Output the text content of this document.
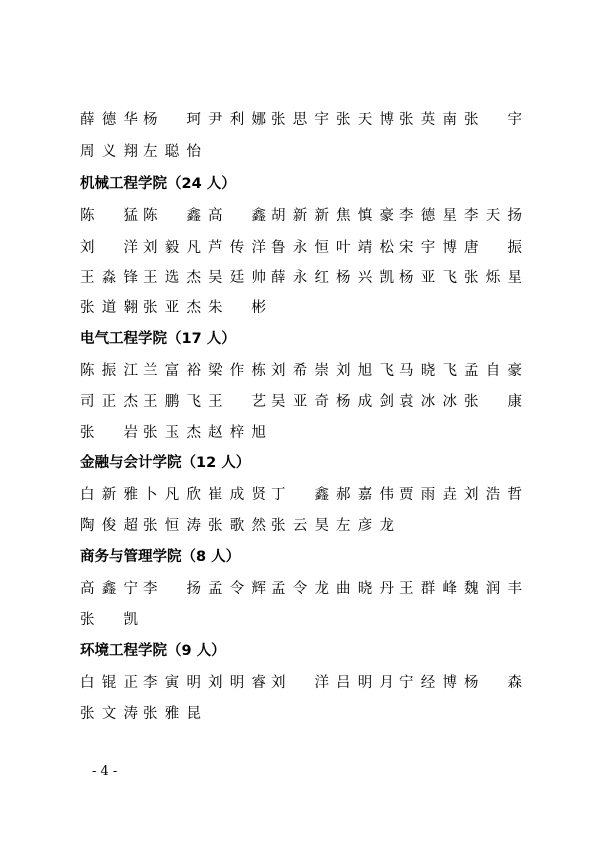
薛 德 华 杨 珂 尹 利 娜 张 思 宇 张 天 博 张 英 南 张 宇
周 义 翔 左 聪 怡
机械工程学院（24 人）
陈 猛 陈 鑫 高 鑫 胡 新 新 焦 慎 豪 李 德 星 李 天 扬
刘 洋 刘 毅 凡 芦 传 洋 鲁 永 恒 叶 靖 松 宋 宇 博 唐 振
王 淼 锋 王 选 杰 吴 廷 帅 薛 永 红 杨 兴 凯 杨 亚 飞 张 烁 星
张 道 翱 张 亚 杰 朱 彬
电气工程学院（17 人）
陈 振 江 兰 富 裕 梁 作 栋 刘 希 崇 刘 旭 飞 马 晓 飞 孟 自 豪
司 正 杰 王 鹏 飞 王 艺 吴 亚 奇 杨 成 剑 袁 冰 冰 张 康
张 岩 张 玉 杰 赵 梓 旭
金融与会计学院（12 人）
白 新 雅 卜 凡 欣 崔 成 贤 丁 鑫 郝 嘉 伟 贾 雨 垚 刘 浩 哲
陶 俊 超 张 恒 涛 张 歌 然 张 云 昊 左 彦 龙
商务与管理学院（8 人）
高 鑫 宁 李 扬 孟 令 辉 孟 令 龙 曲 晓 丹 王 群 峰 魏 润 丰
张 凯
环境工程学院（9 人）
白 锟 正 李 寅 明 刘 明 睿 刘 洋 吕 明 月 宁 经 博 杨 森
张 文 涛 张 雅 昆
- 4 -
